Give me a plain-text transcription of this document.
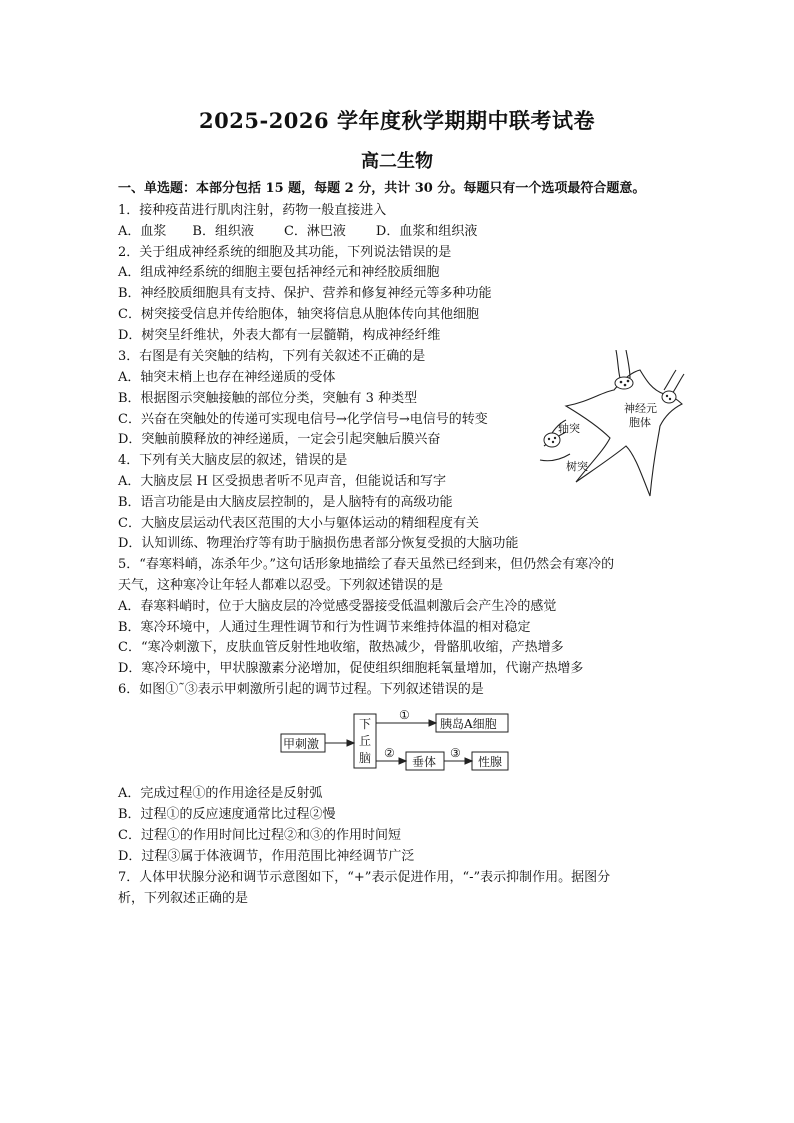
2025-2026 学年度秋学期期中联考试卷
高二生物
一、单选题：本部分包括 15 题，每题 2 分，共计 30 分。每题只有一个选项最符合题意。
1．接种疫苗进行肌肉注射，药物一般直接进入
A．血浆 B．组织液 C．淋巴液 D．血浆和组织液
2．关于组成神经系统的细胞及其功能，下列说法错误的是
A．组成神经系统的细胞主要包括神经元和神经胶质细胞
B．神经胶质细胞具有支持、保护、营养和修复神经元等多种功能
C．树突接受信息并传给胞体，轴突将信息从胞体传向其他细胞
D．树突呈纤维状，外表大都有一层髓鞘，构成神经纤维
3．右图是有关突触的结构，下列有关叙述不正确的是
A．轴突末梢上也存在神经递质的受体
B．根据图示突触接触的部位分类，突触有 3 种类型
C．兴奋在突触处的传递可实现电信号→化学信号→电信号的转变
D．突触前膜释放的神经递质，一定会引起突触后膜兴奋
神经元
胞体
轴突
树突
4．下列有关大脑皮层的叙述，错误的是
A．大脑皮层 H 区受损患者听不见声音，但能说话和写字
B．语言功能是由大脑皮层控制的，是人脑特有的高级功能
C．大脑皮层运动代表区范围的大小与躯体运动的精细程度有关
D．认知训练、物理治疗等有助于脑损伤患者部分恢复受损的大脑功能
5．“春寒料峭，冻杀年少。”这句话形象地描绘了春天虽然已经到来，但仍然会有寒冷的
天气，这种寒冷让年轻人都难以忍受。下列叙述错误的是
A．春寒料峭时，位于大脑皮层的冷觉感受器接受低温刺激后会产生冷的感觉
B．寒冷环境中，人通过生理性调节和行为性调节来维持体温的相对稳定
C．“寒冷刺激下，皮肤血管反射性地收缩，散热减少，骨骼肌收缩，产热增多
D．寒冷环境中，甲状腺激素分泌增加，促使组织细胞耗氧量增加，代谢产热增多
6．如图①˜③表示甲刺激所引起的调节过程。下列叙述错误的是
甲刺激
下
丘
脑
胰岛A细胞
垂体	性腺
①
②	③
A．完成过程①的作用途径是反射弧
B．过程①的反应速度通常比过程②慢
C．过程①的作用时间比过程②和③的作用时间短
D．过程③属于体液调节，作用范围比神经调节广泛
7．人体甲状腺分泌和调节示意图如下，“+”表示促进作用，“-”表示抑制作用。据图分
析，下列叙述正确的是
